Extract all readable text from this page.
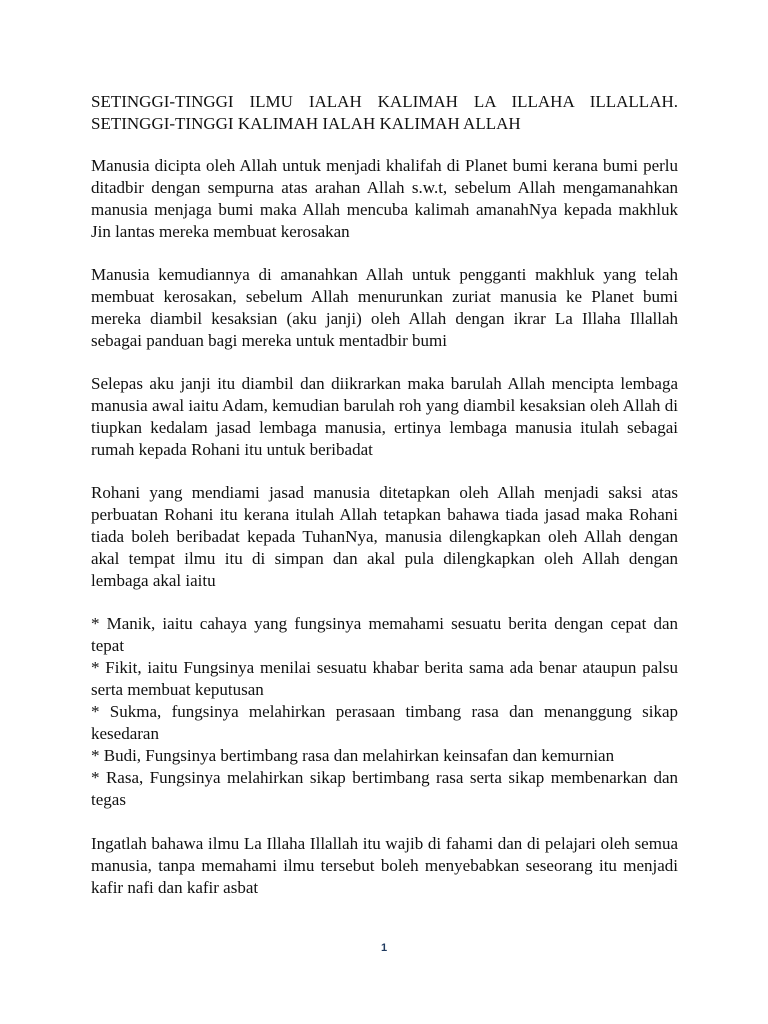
SETINGGI-TINGGI ILMU IALAH KALIMAH LA ILLAHA ILLALLAH. SETINGGI-TINGGI KALIMAH IALAH KALIMAH ALLAH

Manusia dicipta oleh Allah untuk menjadi khalifah di Planet bumi kerana bumi perlu ditadbir dengan sempurna atas arahan Allah s.w.t, sebelum Allah mengamanahkan manusia menjaga bumi maka Allah mencuba kalimah amanahNya kepada makhluk Jin lantas mereka membuat kerosakan

Manusia kemudiannya di amanahkan Allah untuk pengganti makhluk yang telah membuat kerosakan, sebelum Allah menurunkan zuriat manusia ke Planet bumi mereka diambil kesaksian (aku janji) oleh Allah dengan ikrar La Illaha Illallah sebagai panduan bagi mereka untuk mentadbir bumi

Selepas aku janji itu diambil dan diikrarkan maka barulah Allah mencipta lembaga manusia awal iaitu Adam, kemudian barulah roh yang diambil kesaksian oleh Allah di tiupkan kedalam jasad lembaga manusia, ertinya lembaga manusia itulah sebagai rumah kepada Rohani itu untuk beribadat

Rohani yang mendiami jasad manusia ditetapkan oleh Allah menjadi saksi atas perbuatan Rohani itu kerana itulah Allah tetapkan bahawa tiada jasad maka Rohani tiada boleh beribadat kepada TuhanNya, manusia dilengkapkan oleh Allah dengan akal tempat ilmu itu di simpan dan akal pula dilengkapkan oleh Allah dengan lembaga akal iaitu

* Manik, iaitu cahaya yang fungsinya memahami sesuatu berita dengan cepat dan tepat
* Fikit, iaitu Fungsinya menilai sesuatu khabar berita sama ada benar ataupun palsu serta membuat keputusan
* Sukma, fungsinya melahirkan perasaan timbang rasa dan menanggung sikap kesedaran
* Budi, Fungsinya bertimbang rasa dan melahirkan keinsafan dan kemurnian
* Rasa, Fungsinya melahirkan sikap bertimbang rasa serta sikap membenarkan dan tegas

Ingatlah bahawa ilmu La Illaha Illallah itu wajib di fahami dan di pelajari oleh semua manusia, tanpa memahami ilmu tersebut boleh menyebabkan seseorang itu menjadi kafir nafi dan kafir asbat

1
